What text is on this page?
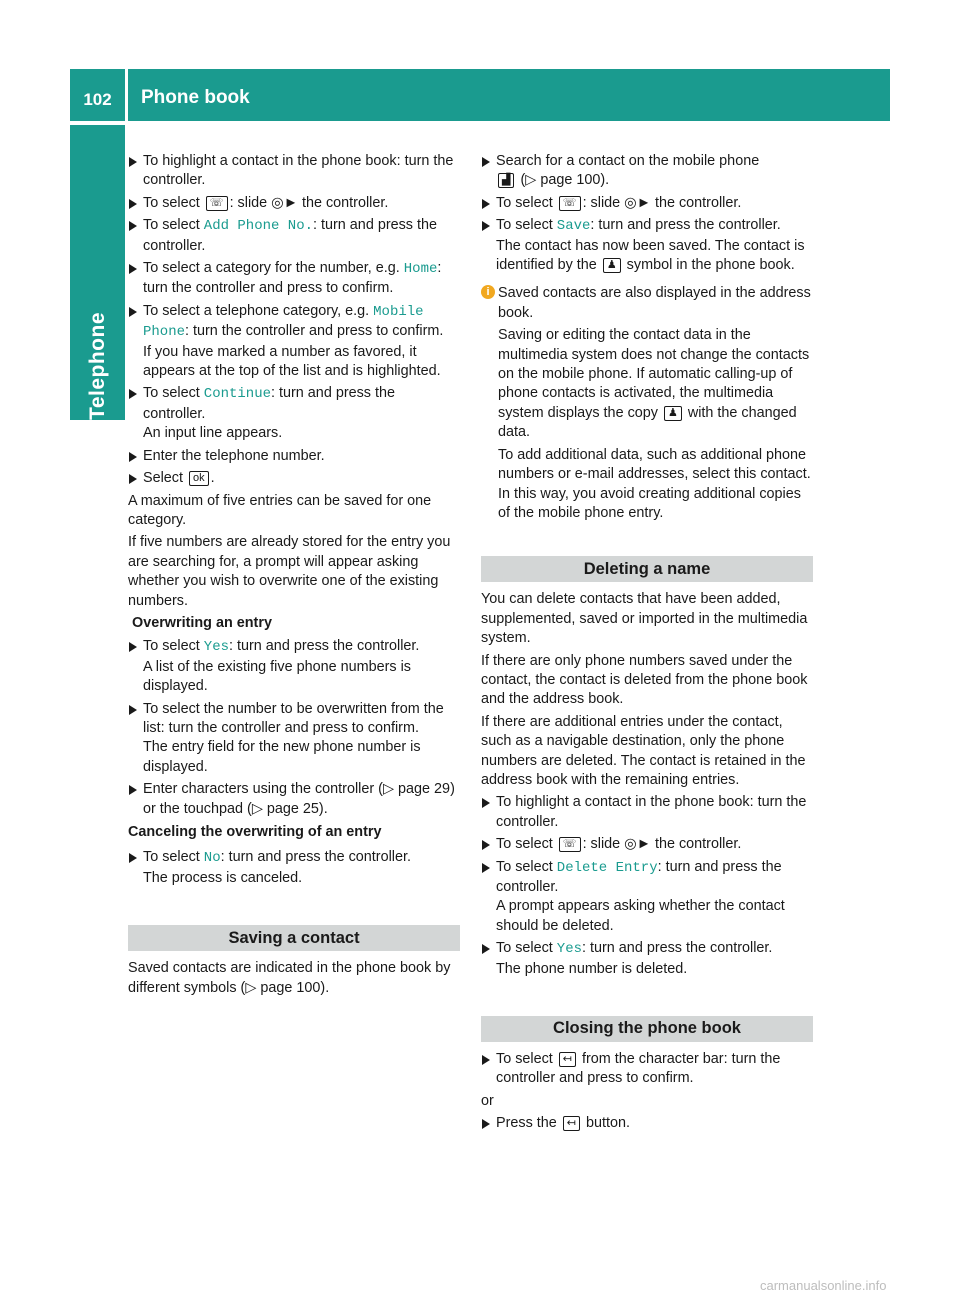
102	Phone book
Telephone
To highlight a contact in the phone book: turn the controller.
To select ☏ : slide ◎► the controller.
To select Add Phone No.: turn and press the controller.
To select a category for the number, e.g. Home: turn the controller and press to confirm.
To select a telephone category, e.g. Mobile Phone: turn the controller and press to confirm.
If you have marked a number as favored, it appears at the top of the list and is highlighted.
To select Continue: turn and press the controller.
An input line appears.
Enter the telephone number.
Select ok .

A maximum of five entries can be saved for one category.

If five numbers are already stored for the entry you are searching for, a prompt will appear asking whether you wish to overwrite one of the existing numbers.

Overwriting an entry
To select Yes: turn and press the controller.
A list of the existing five phone numbers is displayed.
To select the number to be overwritten from the list: turn the controller and press to confirm.
The entry field for the new phone number is displayed.
Enter characters using the controller (▷ page 29) or the touchpad (▷ page 25).
Canceling the overwriting of an entry
To select No: turn and press the controller.
The process is canceled.
Saving a contact

Saved contacts are indicated in the phone book by different symbols (▷ page 100).

Search for a contact on the mobile phone
▟ (▷ page 100).
To select ☏ : slide ◎► the controller.
To select Save: turn and press the controller.
The contact has now been saved. The contact is identified by the ♟ symbol in the phone book.
i Saved contacts are also displayed in the address book.

Saving or editing the contact data in the multimedia system does not change the contacts on the mobile phone. If automatic calling-up of phone contacts is activated, the multimedia system displays the copy ♟ with the changed data.

To add additional data, such as additional phone numbers or e-mail addresses, select this contact. In this way, you avoid creating additional copies of the mobile phone entry.

Deleting a name

You can delete contacts that have been added, supplemented, saved or imported in the multimedia system.

If there are only phone numbers saved under the contact, the contact is deleted from the phone book and the address book.

If there are additional entries under the contact, such as a navigable destination, only the phone numbers are deleted. The contact is retained in the address book with the remaining entries.

To highlight a contact in the phone book: turn the controller.
To select ☏ : slide ◎► the controller.
To select Delete Entry: turn and press the controller.
A prompt appears asking whether the contact should be deleted.
To select Yes: turn and press the controller.
The phone number is deleted.
Closing the phone book
To select ↤ from the character bar: turn the controller and press to confirm.

or

Press the ↤ button.
carmanualsonline.info
